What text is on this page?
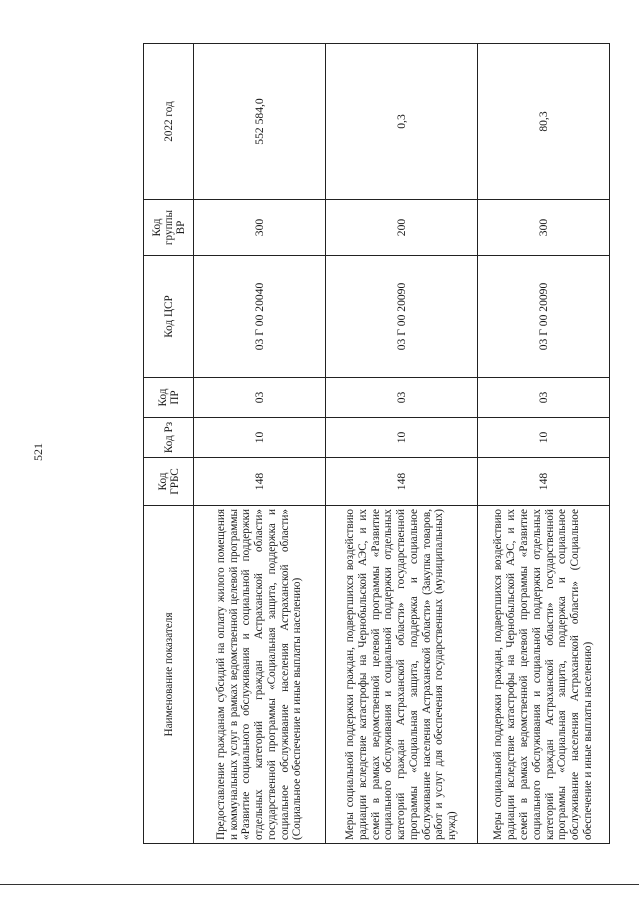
521
Наименование показателя	Код ГРБС	Код Рз	Код ПР	Код ЦСР	Код группы ВР	2022 год
Предоставление гражданам субсидий на оплату жилого помещения и коммунальных услуг в рамках ведомственной целевой программы «Развитие социального обслуживания и социальной поддержки отдельных категорий граждан Астраханской области» государственной программы «Социальная защита, поддержка и социальное обслуживание населения Астраханской области» (Социальное обеспечение и иные выплаты населению)	148	10	03	03 Г 00 20040	300	552 584,0
Меры социальной поддержки граждан, подвергшихся воздействию радиации вследствие катастрофы на Чернобыльской АЭС, и их семей в рамках ведомственной целевой программы «Развитие социального обслуживания и социальной поддержки отдельных категорий граждан Астраханской области» государственной программы «Социальная защита, поддержка и социальное обслуживание населения Астраханской области» (Закупка товаров, работ и услуг для обеспечения государственных (муниципальных) нужд)	148	10	03	03 Г 00 20090	200	0,3
Меры социальной поддержки граждан, подвергшихся воздействию радиации вследствие катастрофы на Чернобыльской АЭС, и их семей в рамках ведомственной целевой программы «Развитие социального обслуживания и социальной поддержки отдельных категорий граждан Астраханской области» государственной программы «Социальная защита, поддержка и социальное обслуживание населения Астраханской области» (Социальное обеспечение и иные выплаты населению)	148	10	03	03 Г 00 20090	300	80,3
